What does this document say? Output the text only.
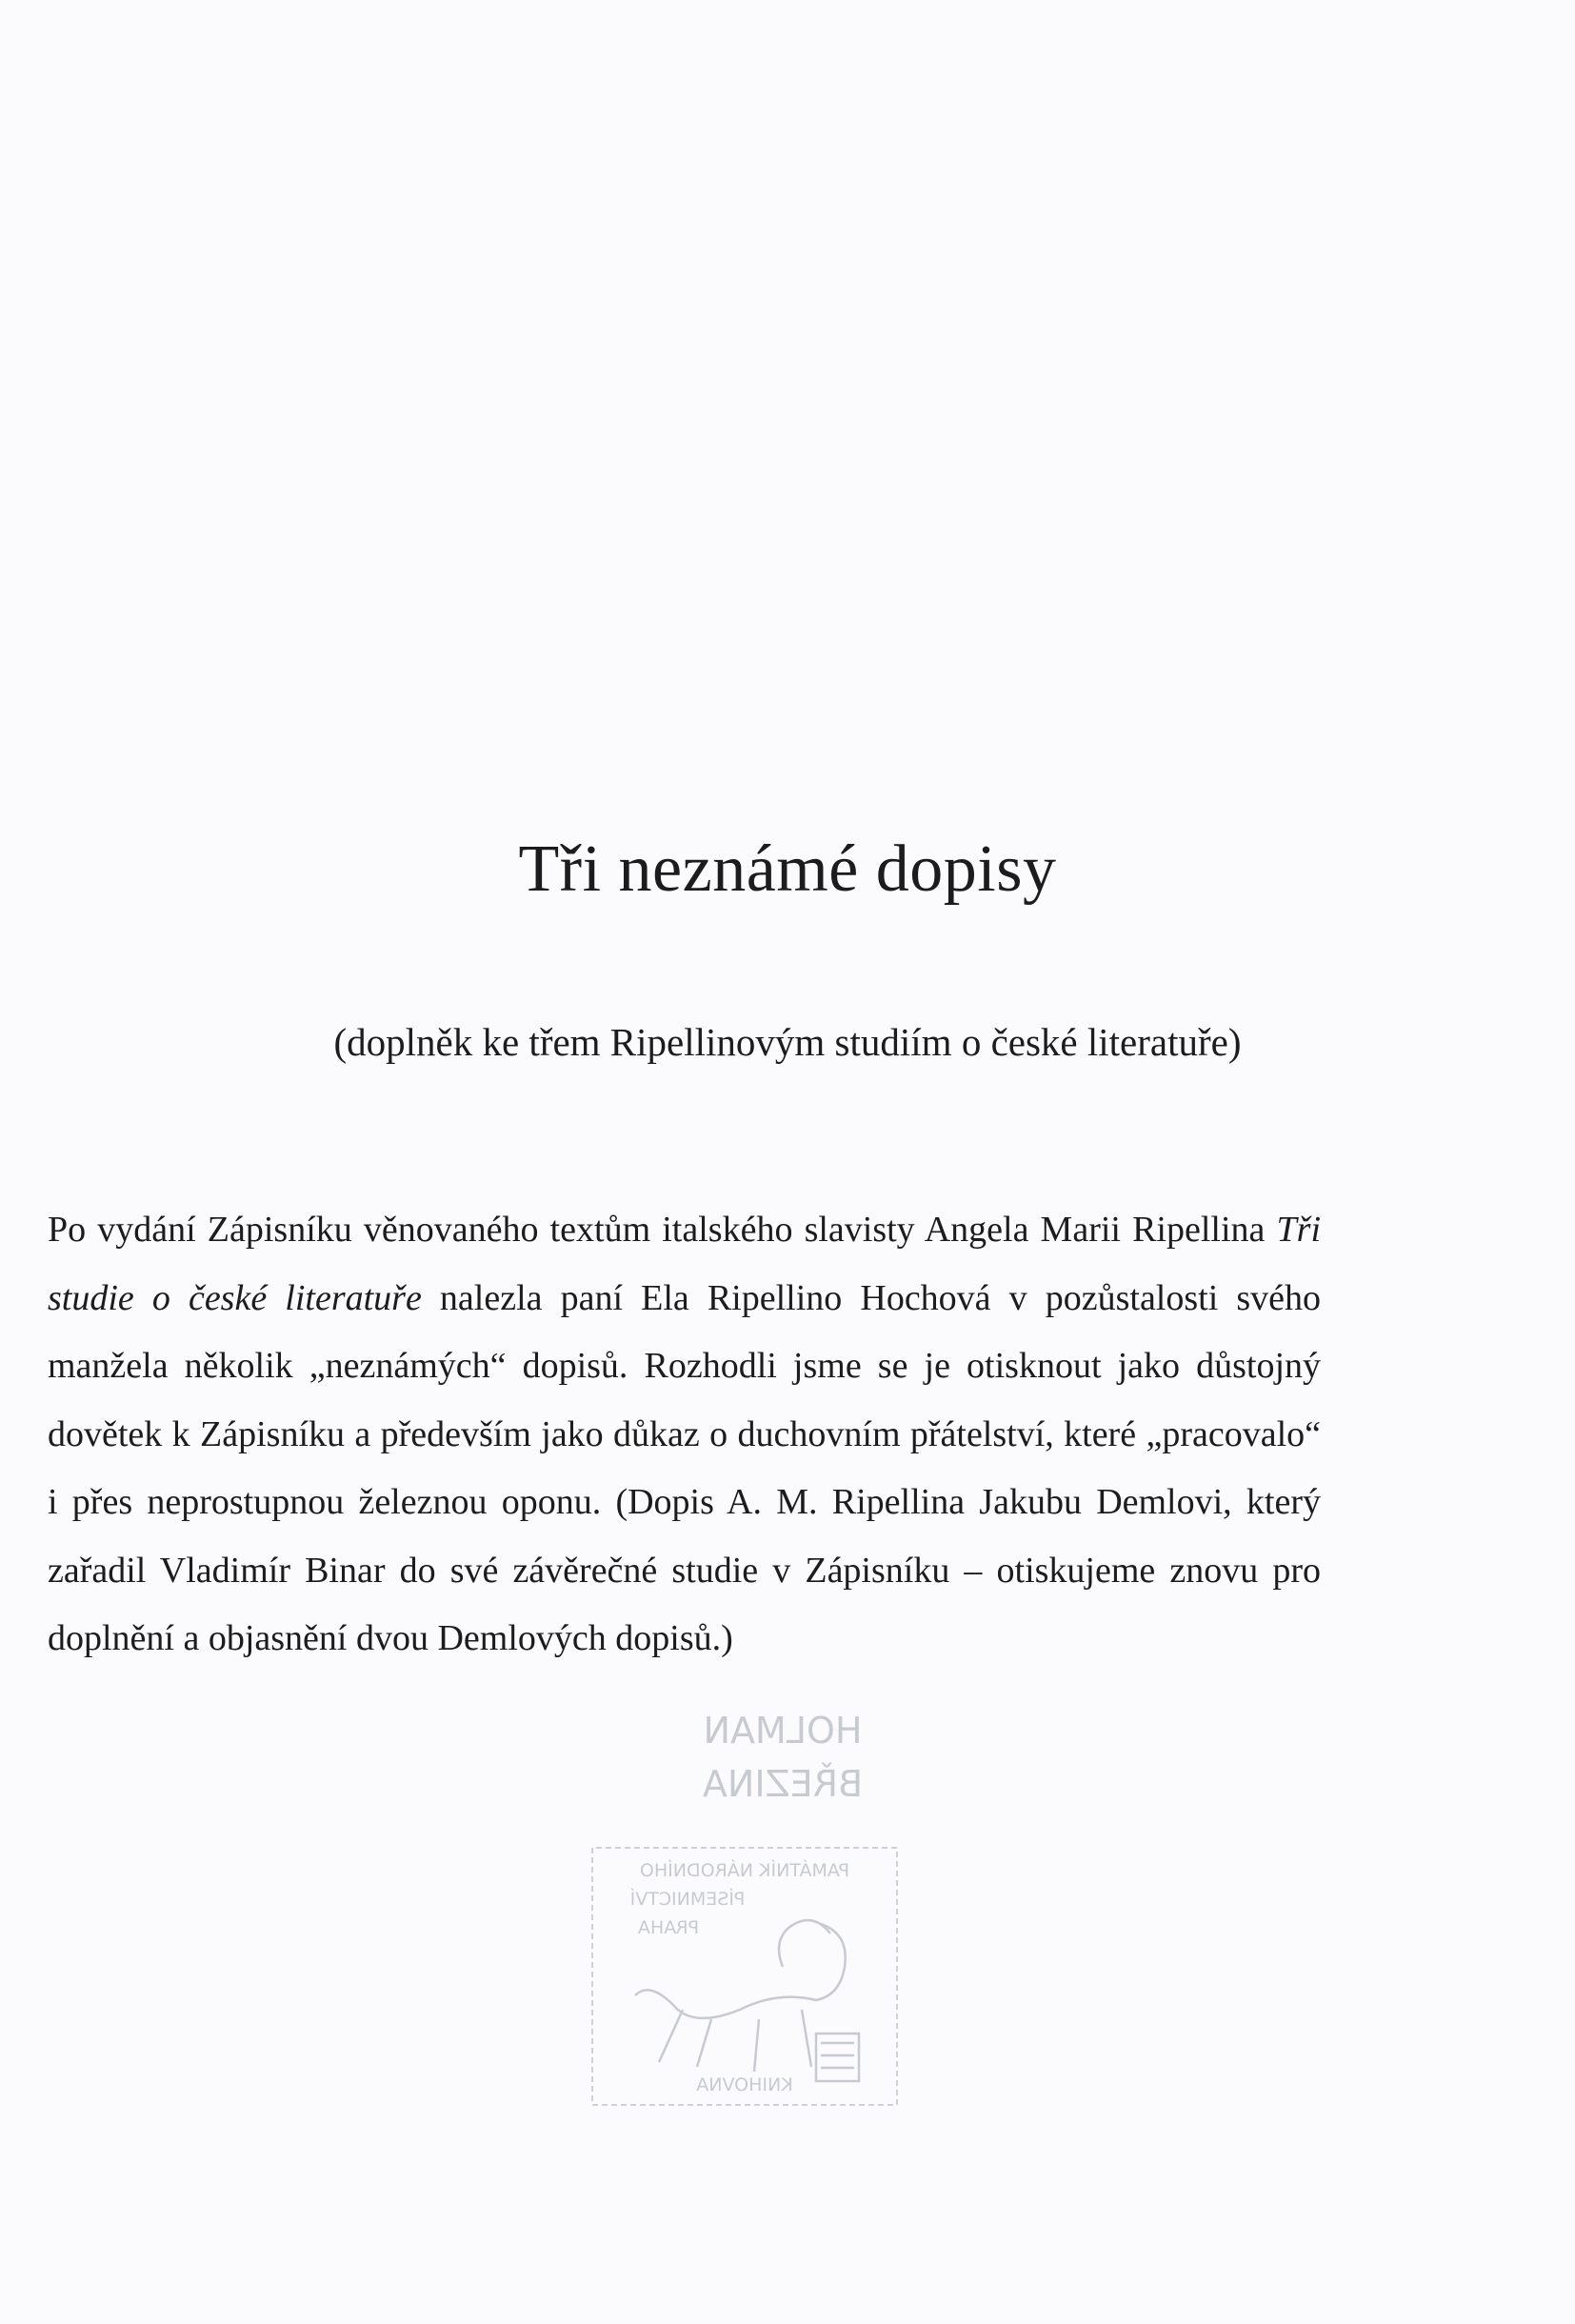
Tři neznámé dopisy

(doplněk ke třem Ripellinovým studiím o české literatuře)

Po vydání Zápisníku věnovaného textům italského slavisty Angela Marii Ripellina Tři studie o české literatuře nalezla paní Ela Ripellino Hochová v pozůstalosti svého manžela několik „neznámých“ dopisů. Rozhodli jsme se je otisknout jako důstojný dovětek k Zápisníku a především jako důkaz o duchovním přátelství, které „pracovalo“ i přes neprostupnou železnou oponu. (Dopis A. M. Ripellina Jakubu Demlovi, který zařadil Vladimír Binar do své závěrečné studie v Zápisníku – otiskujeme znovu pro doplnění a objasnění dvou Demlových dopisů.)

HOLMAN
BŘEZINA
PAMÁTNÍK NÁRODNÍHO
PÍSEMNICTVÍ
PRAHA
KNIHOVNA
